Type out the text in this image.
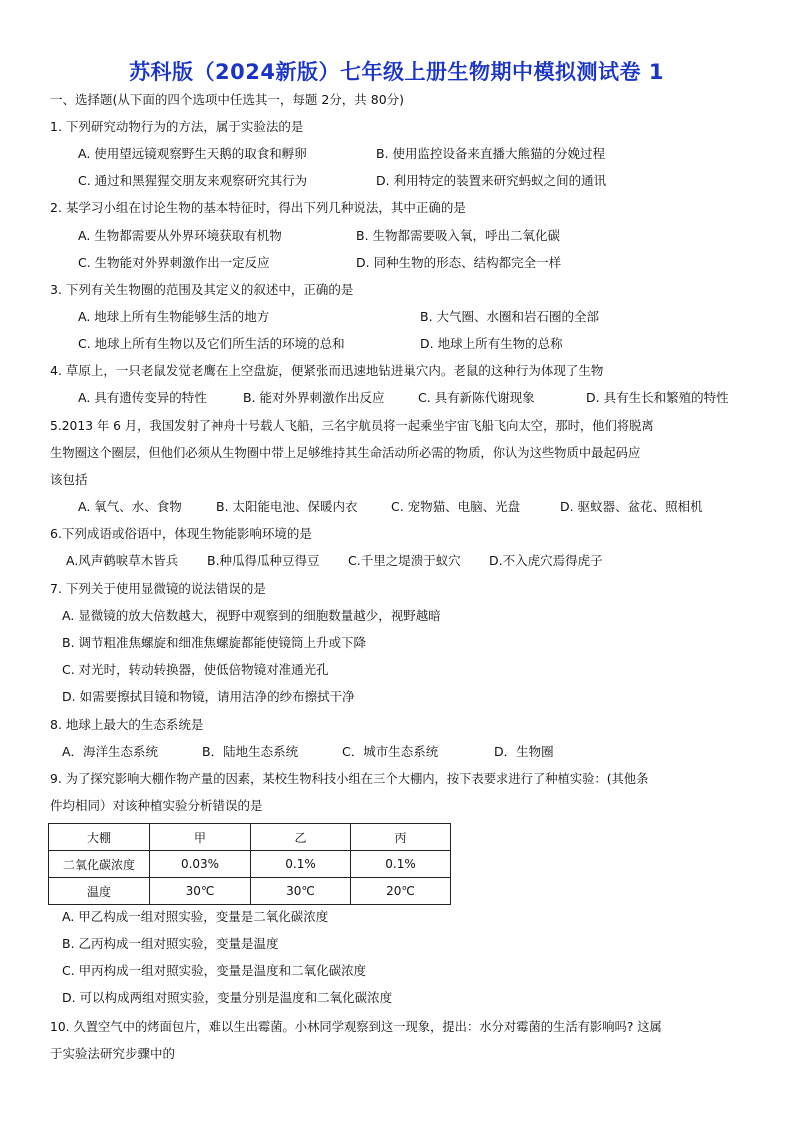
苏科版（2024新版）七年级上册生物期中模拟测试卷 1
一、选择题(从下面的四个选项中任选其一，每题 2分，共 80分)
1. 下列研究动物行为的方法，属于实验法的是
A. 使用望远镜观察野生天鹅的取食和孵卵	B. 使用监控设备来直播大熊猫的分娩过程
C. 通过和黑猩猩交朋友来观察研究其行为	D. 利用特定的装置来研究蚂蚁之间的通讯
2. 某学习小组在讨论生物的基本特征时，得出下列几种说法，其中正确的是
A. 生物都需要从外界环境获取有机物	B. 生物都需要吸入氧，呼出二氧化碳
C. 生物能对外界刺激作出一定反应	D. 同种生物的形态、结构都完全一样
3. 下列有关生物圈的范围及其定义的叙述中，正确的是
A. 地球上所有生物能够生活的地方	B. 大气圈、水圈和岩石圈的全部
C. 地球上所有生物以及它们所生活的环境的总和	D. 地球上所有生物的总称
4. 草原上，一只老鼠发觉老鹰在上空盘旋，便紧张而迅速地钻进巢穴内。老鼠的这种行为体现了生物
A. 具有遗传变异的特性	B. 能对外界刺激作出反应	C. 具有新陈代谢现象	D. 具有生长和繁殖的特性
5.2013 年 6 月，我国发射了神舟十号载人飞船，三名宇航员将一起乘坐宇宙飞船飞向太空，那时，他们将脱离
生物圈这个圈层，但他们必须从生物圈中带上足够维持其生命活动所必需的物质，你认为这些物质中最起码应
该包括
A. 氧气、水、食物	B. 太阳能电池、保暖内衣	C. 宠物猫、电脑、光盘	D. 驱蚊器、盆花、照相机
6.下列成语或俗语中，体现生物能影响环境的是
A.风声鹤唳草木皆兵 B.种瓜得瓜种豆得豆 C.千里之堤溃于蚁穴 D.不入虎穴焉得虎子
7. 下列关于使用显微镜的说法错误的是
A. 显微镜的放大倍数越大，视野中观察到的细胞数量越少，视野越暗
B. 调节粗准焦螺旋和细准焦螺旋都能使镜筒上升或下降
C. 对光时，转动转换器，使低倍物镜对准通光孔
D. 如需要擦拭目镜和物镜，请用洁净的纱布擦拭干净
8. 地球上最大的生态系统是
A．海洋生态系统	B．陆地生态系统	C．城市生态系统	D．生物圈
9. 为了探究影响大棚作物产量的因素，某校生物科技小组在三个大棚内，按下表要求进行了种植实验：(其他条
件均相同）对该种植实验分析错误的是
大棚	甲	乙	丙
二氧化碳浓度	0.03%	0.1%	0.1%
温度	30℃	30℃	20℃
A. 甲乙构成一组对照实验，变量是二氧化碳浓度
B. 乙丙构成一组对照实验，变量是温度
C. 甲丙构成一组对照实验，变量是温度和二氧化碳浓度
D. 可以构成两组对照实验，变量分别是温度和二氧化碳浓度
10. 久置空气中的烤面包片，难以生出霉菌。小林同学观察到这一现象，提出：水分对霉菌的生活有影响吗? 这属
于实验法研究步骤中的
